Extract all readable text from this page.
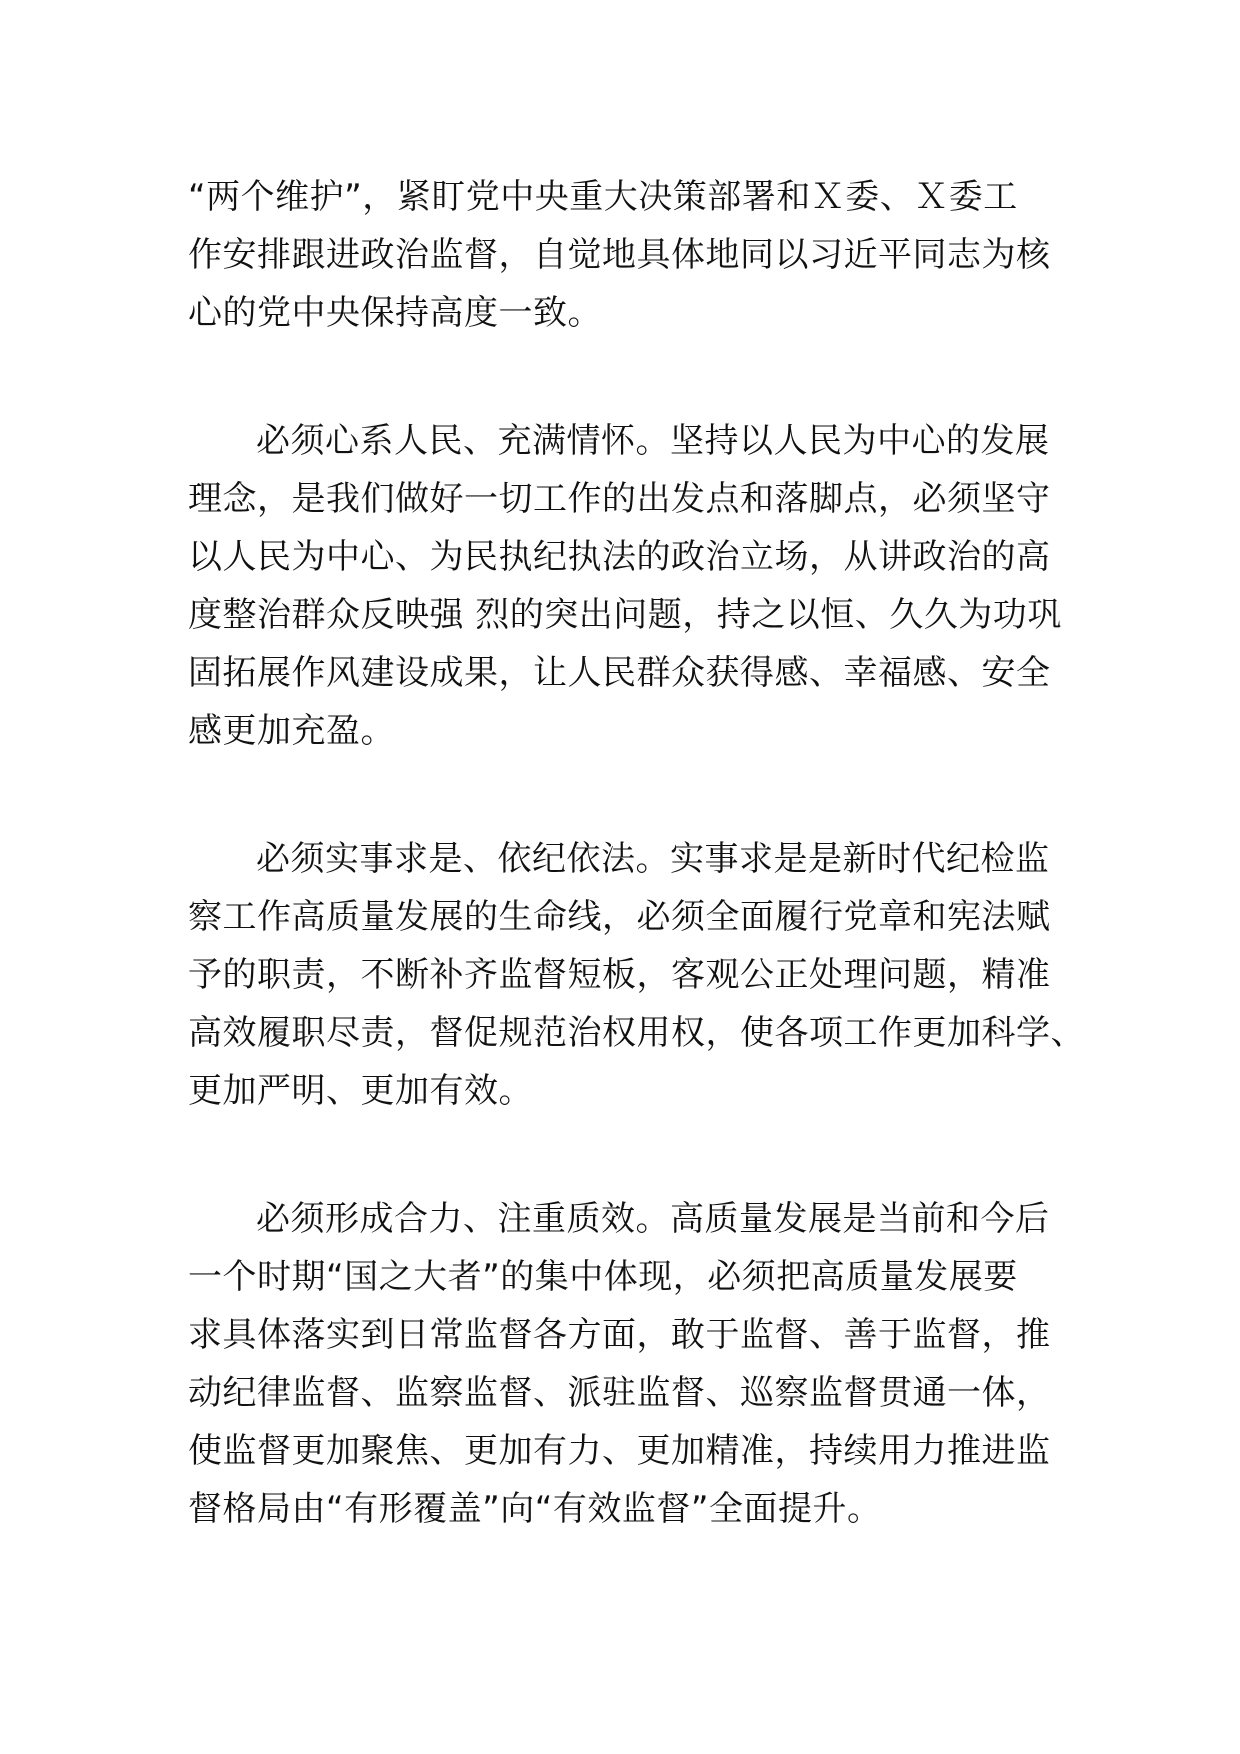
“两个维护”，紧盯党中央重大决策部署和Ｘ委、Ｘ委工
作安排跟进政治监督，自觉地具体地同以习近平同志为核
心的党中央保持高度一致。
必须心系人民、充满情怀。坚持以人民为中心的发展
理念，是我们做好一切工作的出发点和落脚点，必须坚守
以人民为中心、为民执纪执法的政治立场，从讲政治的高
度整治群众反映强 烈的突出问题，持之以恒、久久为功巩
固拓展作风建设成果，让人民群众获得感、幸福感、安全
感更加充盈。
必须实事求是、依纪依法。实事求是是新时代纪检监
察工作高质量发展的生命线，必须全面履行党章和宪法赋
予的职责，不断补齐监督短板，客观公正处理问题，精准
高效履职尽责，督促规范治权用权，使各项工作更加科学、
更加严明、更加有效。
必须形成合力、注重质效。高质量发展是当前和今后
一个时期“国之大者”的集中体现，必须把高质量发展要
求具体落实到日常监督各方面，敢于监督、善于监督，推
动纪律监督、监察监督、派驻监督、巡察监督贯通一体，
使监督更加聚焦、更加有力、更加精准，持续用力推进监
督格局由“有形覆盖”向“有效监督”全面提升。
